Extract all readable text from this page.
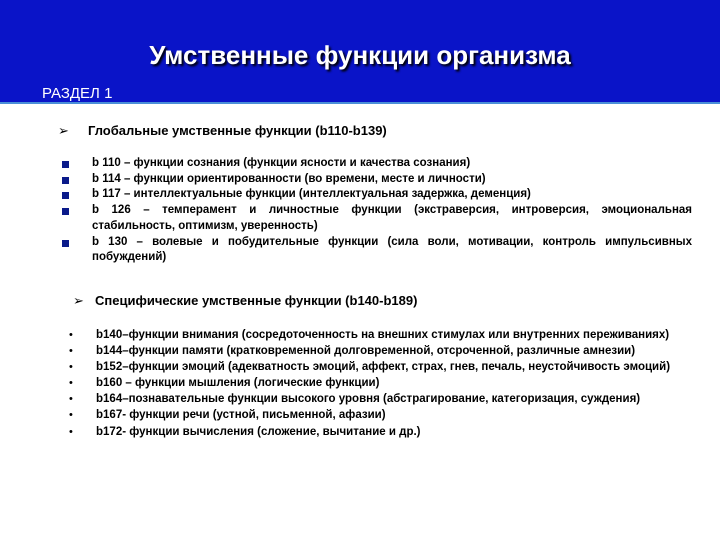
Умственные функции организма
РАЗДЕЛ 1
➢ Глобальные умственные функции (b110-b139)
b 110 – функции сознания (функции ясности и качества сознания)
b 114 – функции ориентированности (во времени, месте и личности)
b 117 – интеллектуальные функции (интеллектуальная задержка, деменция)
b 126 – темперамент и личностные функции (экстраверсия, интроверсия, эмоциональная стабильность, оптимизм, уверенность)
b 130 – волевые и побудительные функции (сила воли, мотивации, контроль импульсивных побуждений)
➢ Специфические умственные функции (b140-b189)
• b140–функции внимания (сосредоточенность на внешних стимулах или внутренних переживаниях)
• b144–функции памяти (кратковременной долговременной, отсроченной, различные амнезии)
• b152–функции эмоций (адекватность эмоций, аффект, страх, гнев, печаль, неустойчивость эмоций)
• b160 – функции мышления (логические функции)
• b164–познавательные функции высокого уровня (абстрагирование, категоризация, суждения)
• b167- функции речи (устной, письменной, афазии)
• b172- функции вычисления (сложение, вычитание и др.)
